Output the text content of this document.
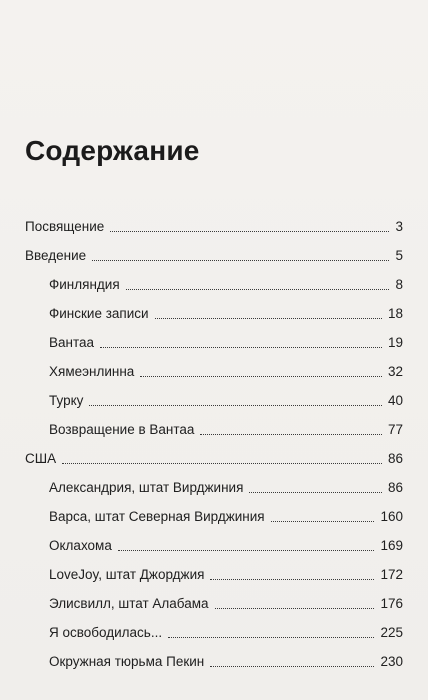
Содержание
Посвящение	3
Введение	5
Финляндия	8
Финские записи	18
Вантаа	19
Хямеэнлинна	32
Турку	40
Возвращение в Вантаа	77
США	86
Александрия, штат Вирджиния	86
Варса, штат Северная Вирджиния	160
Оклахома	169
LoveJoy, штат Джорджия	172
Элисвилл, штат Алабама	176
Я освободилась...	225
Окружная тюрьма Пекин	230
